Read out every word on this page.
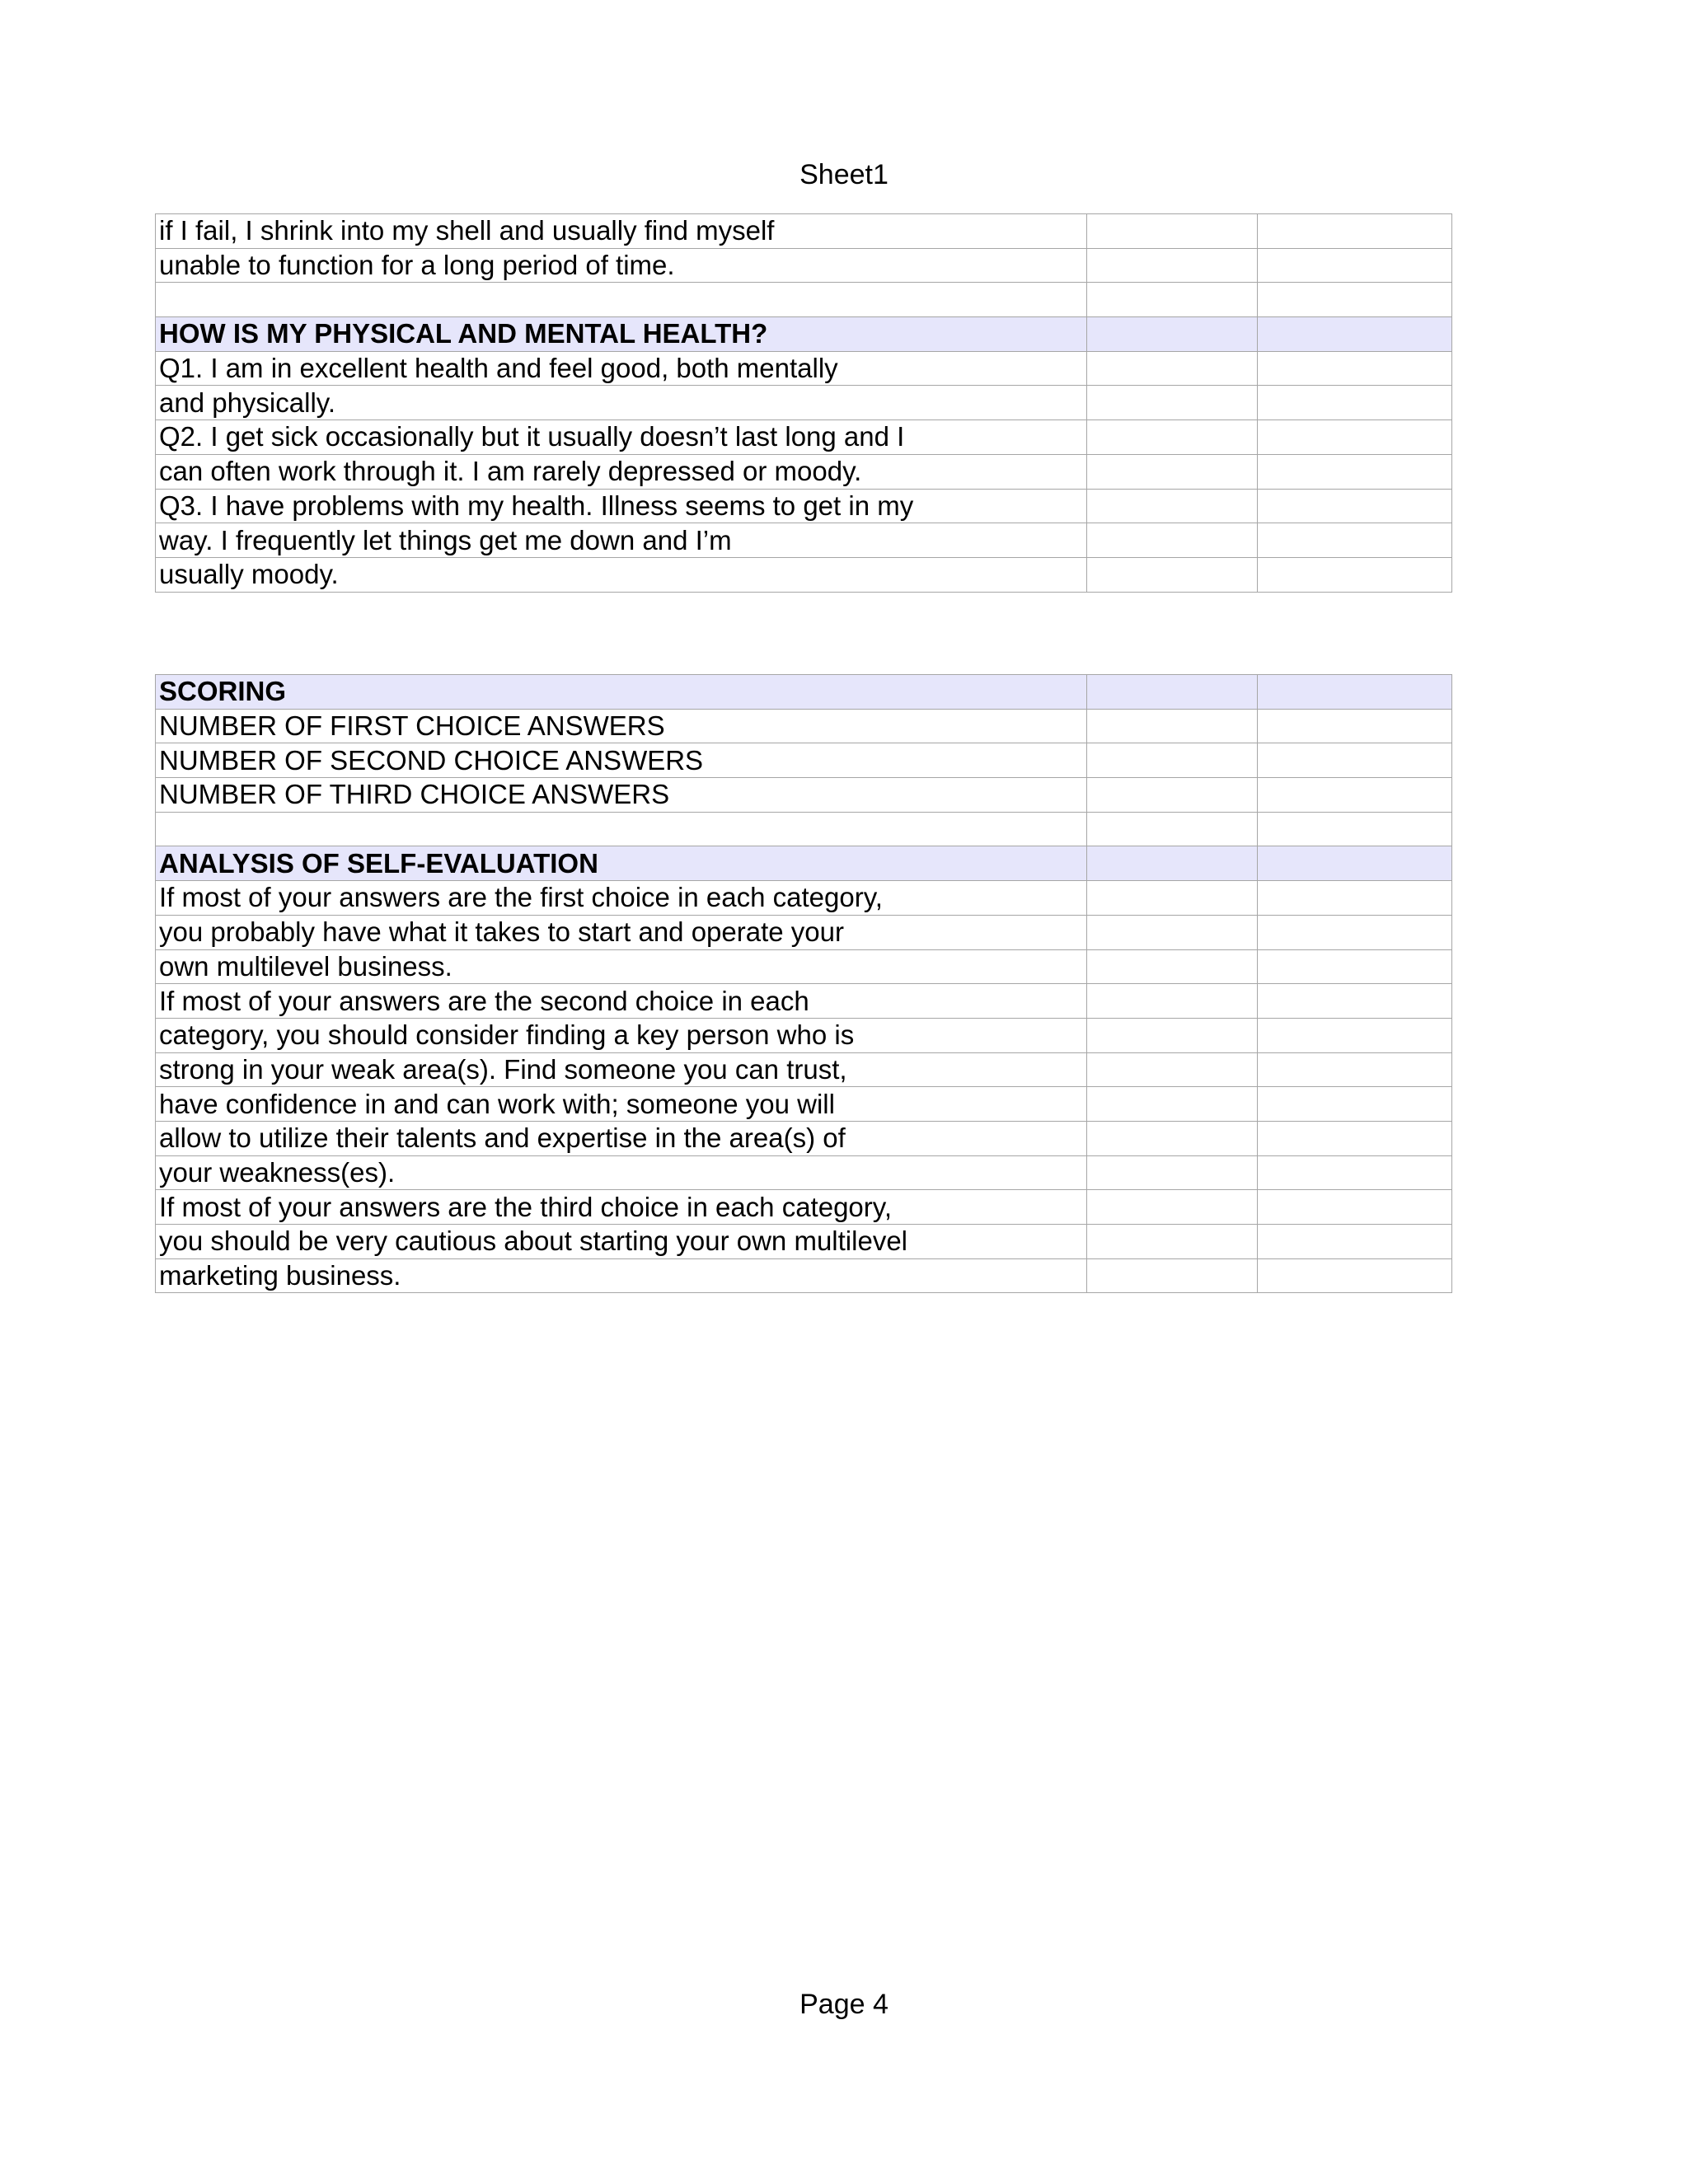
Sheet1
if I fail, I shrink into my shell and usually find myself		
unable to function for a long period of time.		

HOW IS MY PHYSICAL AND MENTAL HEALTH?		
Q1. I am in excellent health and feel good, both mentally		
and physically.		
Q2. I get sick occasionally but it usually doesn’t last long and I		
can often work through it. I am rarely depressed or moody.		
Q3. I have problems with my health. Illness seems to get in my		
way. I frequently let things get me down and I’m		
usually moody.		
SCORING		
NUMBER OF FIRST CHOICE ANSWERS		
NUMBER OF SECOND CHOICE ANSWERS		
NUMBER OF THIRD CHOICE ANSWERS		

ANALYSIS OF SELF-EVALUATION		
If most of your answers are the first choice in each category,		
you probably have what it takes to start and operate your		
own multilevel business.		
If most of your answers are the second choice in each		
category, you should consider finding a key person who is		
strong in your weak area(s). Find someone you can trust,		
have confidence in and can work with; someone you will		
allow to utilize their talents and expertise in the area(s) of		
your weakness(es).		
If most of your answers are the third choice in each category,		
you should be very cautious about starting your own multilevel		
marketing business.		
Page 4
